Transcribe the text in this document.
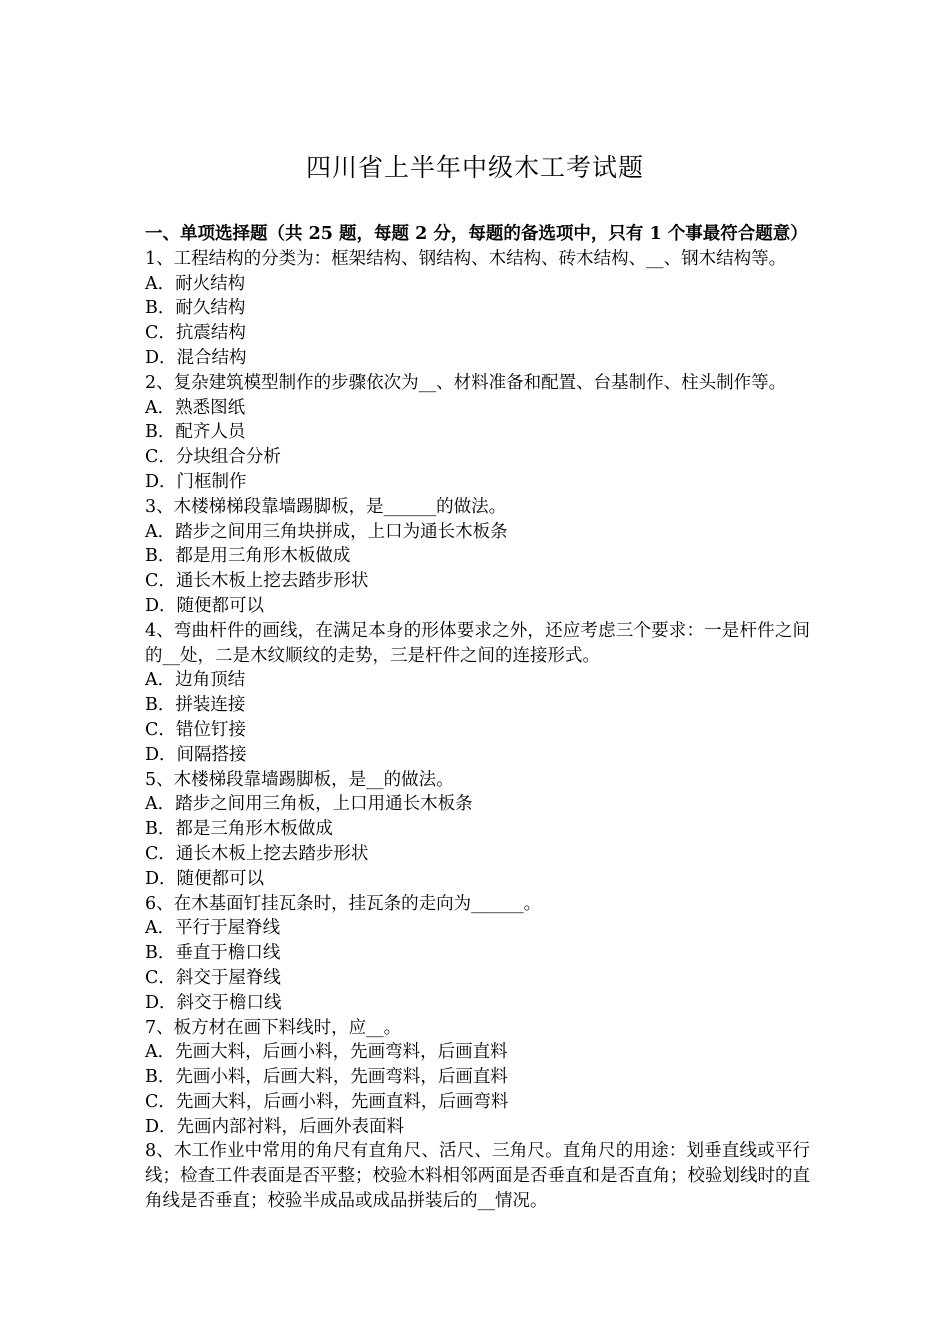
四川省上半年中级木工考试题
一、单项选择题（共 25 题，每题 2 分，每题的备选项中，只有 1 个事最符合题意）
1、工程结构的分类为：框架结构、钢结构、木结构、砖木结构、__、钢木结构等。
A．耐火结构
B．耐久结构
C．抗震结构
D．混合结构
2、复杂建筑模型制作的步骤依次为__、材料准备和配置、台基制作、柱头制作等。
A．熟悉图纸
B．配齐人员
C．分块组合分析
D．门框制作
3、木楼梯梯段靠墙踢脚板，是______的做法。
A．踏步之间用三角块拼成，上口为通长木板条
B．都是用三角形木板做成
C．通长木板上挖去踏步形状
D．随便都可以
4、弯曲杆件的画线，在满足本身的形体要求之外，还应考虑三个要求：一是杆件之间的__处，二是木纹顺纹的走势，三是杆件之间的连接形式。
A．边角顶结
B．拼装连接
C．错位钉接
D．间隔搭接
5、木楼梯段靠墙踢脚板，是__的做法。
A．踏步之间用三角板，上口用通长木板条
B．都是三角形木板做成
C．通长木板上挖去踏步形状
D．随便都可以
6、在木基面钉挂瓦条时，挂瓦条的走向为______。
A．平行于屋脊线
B．垂直于檐口线
C．斜交于屋脊线
D．斜交于檐口线
7、板方材在画下料线时，应__。
A．先画大料，后画小料，先画弯料，后画直料
B．先画小料，后画大料，先画弯料，后画直料
C．先画大料，后画小料，先画直料，后画弯料
D．先画内部衬料，后画外表面料
8、木工作业中常用的角尺有直角尺、活尺、三角尺。直角尺的用途：划垂直线或平行线；检查工件表面是否平整；校验木料相邻两面是否垂直和是否直角；校验划线时的直角线是否垂直；校验半成品或成品拼装后的__情况。
